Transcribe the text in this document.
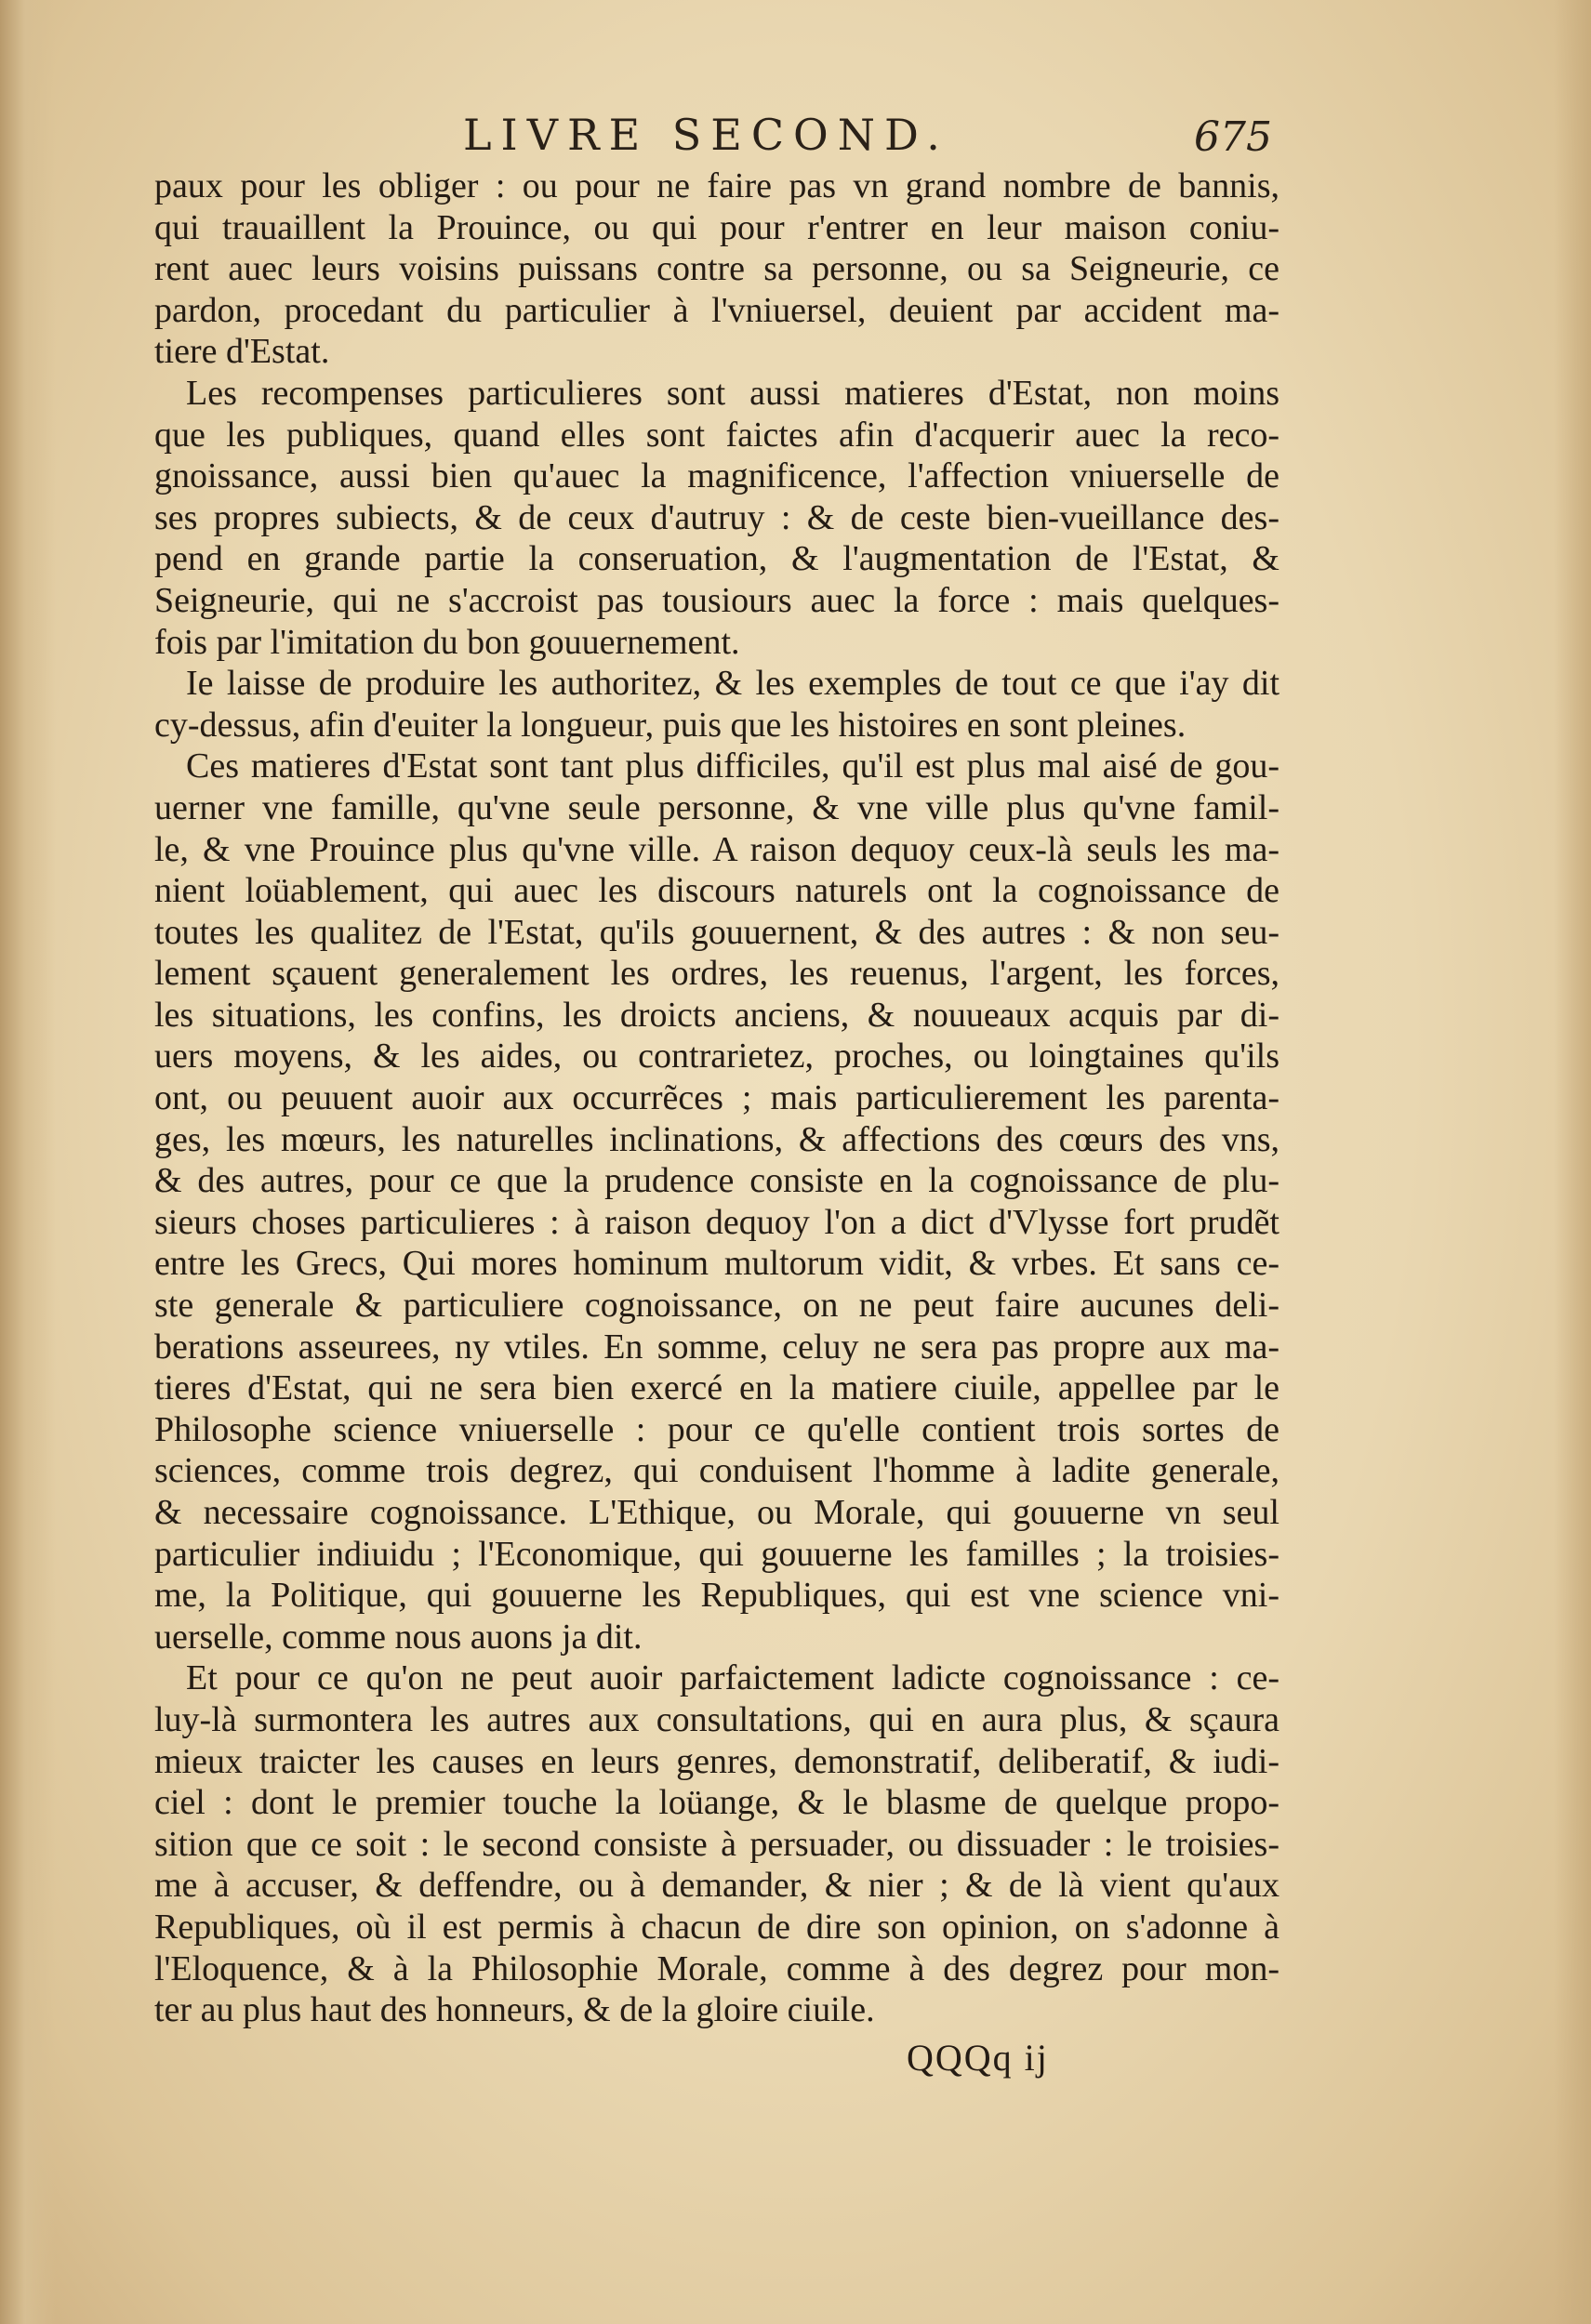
LIVRE SECOND.	675
paux pour les obliger : ou pour ne faire pas vn grand nombre de bannis,
qui trauaillent la Prouince, ou qui pour r'entrer en leur maison coniu-
rent auec leurs voisins puissans contre sa personne, ou sa Seigneurie, ce
pardon, procedant du particulier à l'vniuersel, deuient par accident ma-
tiere d'Estat.
Les recompenses particulieres sont aussi matieres d'Estat, non moins
que les publiques, quand elles sont faictes afin d'acquerir auec la reco-
gnoissance, aussi bien qu'auec la magnificence, l'affection vniuerselle de
ses propres subiects, & de ceux d'autruy : & de ceste bien-vueillance des-
pend en grande partie la conseruation, & l'augmentation de l'Estat, &
Seigneurie, qui ne s'accroist pas tousiours auec la force : mais quelques-
fois par l'imitation du bon gouuernement.
Ie laisse de produire les authoritez, & les exemples de tout ce que i'ay dit
cy-dessus, afin d'euiter la longueur, puis que les histoires en sont pleines.
Ces matieres d'Estat sont tant plus difficiles, qu'il est plus mal aisé de gou-
uerner vne famille, qu'vne seule personne, & vne ville plus qu'vne famil-
le, & vne Prouince plus qu'vne ville. A raison dequoy ceux-là seuls les ma-
nient loüablement, qui auec les discours naturels ont la cognoissance de
toutes les qualitez de l'Estat, qu'ils gouuernent, & des autres : & non seu-
lement sçauent generalement les ordres, les reuenus, l'argent, les forces,
les situations, les confins, les droicts anciens, & nouueaux acquis par di-
uers moyens, & les aides, ou contrarietez, proches, ou loingtaines qu'ils
ont, ou peuuent auoir aux occurrẽces ; mais particulierement les parenta-
ges, les mœurs, les naturelles inclinations, & affections des cœurs des vns,
& des autres, pour ce que la prudence consiste en la cognoissance de plu-
sieurs choses particulieres : à raison dequoy l'on a dict d'Vlysse fort prudẽt
entre les Grecs, Qui mores hominum multorum vidit, & vrbes. Et sans ce-
ste generale & particuliere cognoissance, on ne peut faire aucunes deli-
berations asseurees, ny vtiles. En somme, celuy ne sera pas propre aux ma-
tieres d'Estat, qui ne sera bien exercé en la matiere ciuile, appellee par le
Philosophe science vniuerselle : pour ce qu'elle contient trois sortes de
sciences, comme trois degrez, qui conduisent l'homme à ladite generale,
& necessaire cognoissance. L'Ethique, ou Morale, qui gouuerne vn seul
particulier indiuidu ; l'Economique, qui gouuerne les familles ; la troisies-
me, la Politique, qui gouuerne les Republiques, qui est vne science vni-
uerselle, comme nous auons ja dit.
Et pour ce qu'on ne peut auoir parfaictement ladicte cognoissance : ce-
luy-là surmontera les autres aux consultations, qui en aura plus, & sçaura
mieux traicter les causes en leurs genres, demonstratif, deliberatif, & iudi-
ciel : dont le premier touche la loüange, & le blasme de quelque propo-
sition que ce soit : le second consiste à persuader, ou dissuader : le troisies-
me à accuser, & deffendre, ou à demander, & nier ; & de là vient qu'aux
Republiques, où il est permis à chacun de dire son opinion, on s'adonne à
l'Eloquence, & à la Philosophie Morale, comme à des degrez pour mon-
ter au plus haut des honneurs, & de la gloire ciuile.
QQQq ij
